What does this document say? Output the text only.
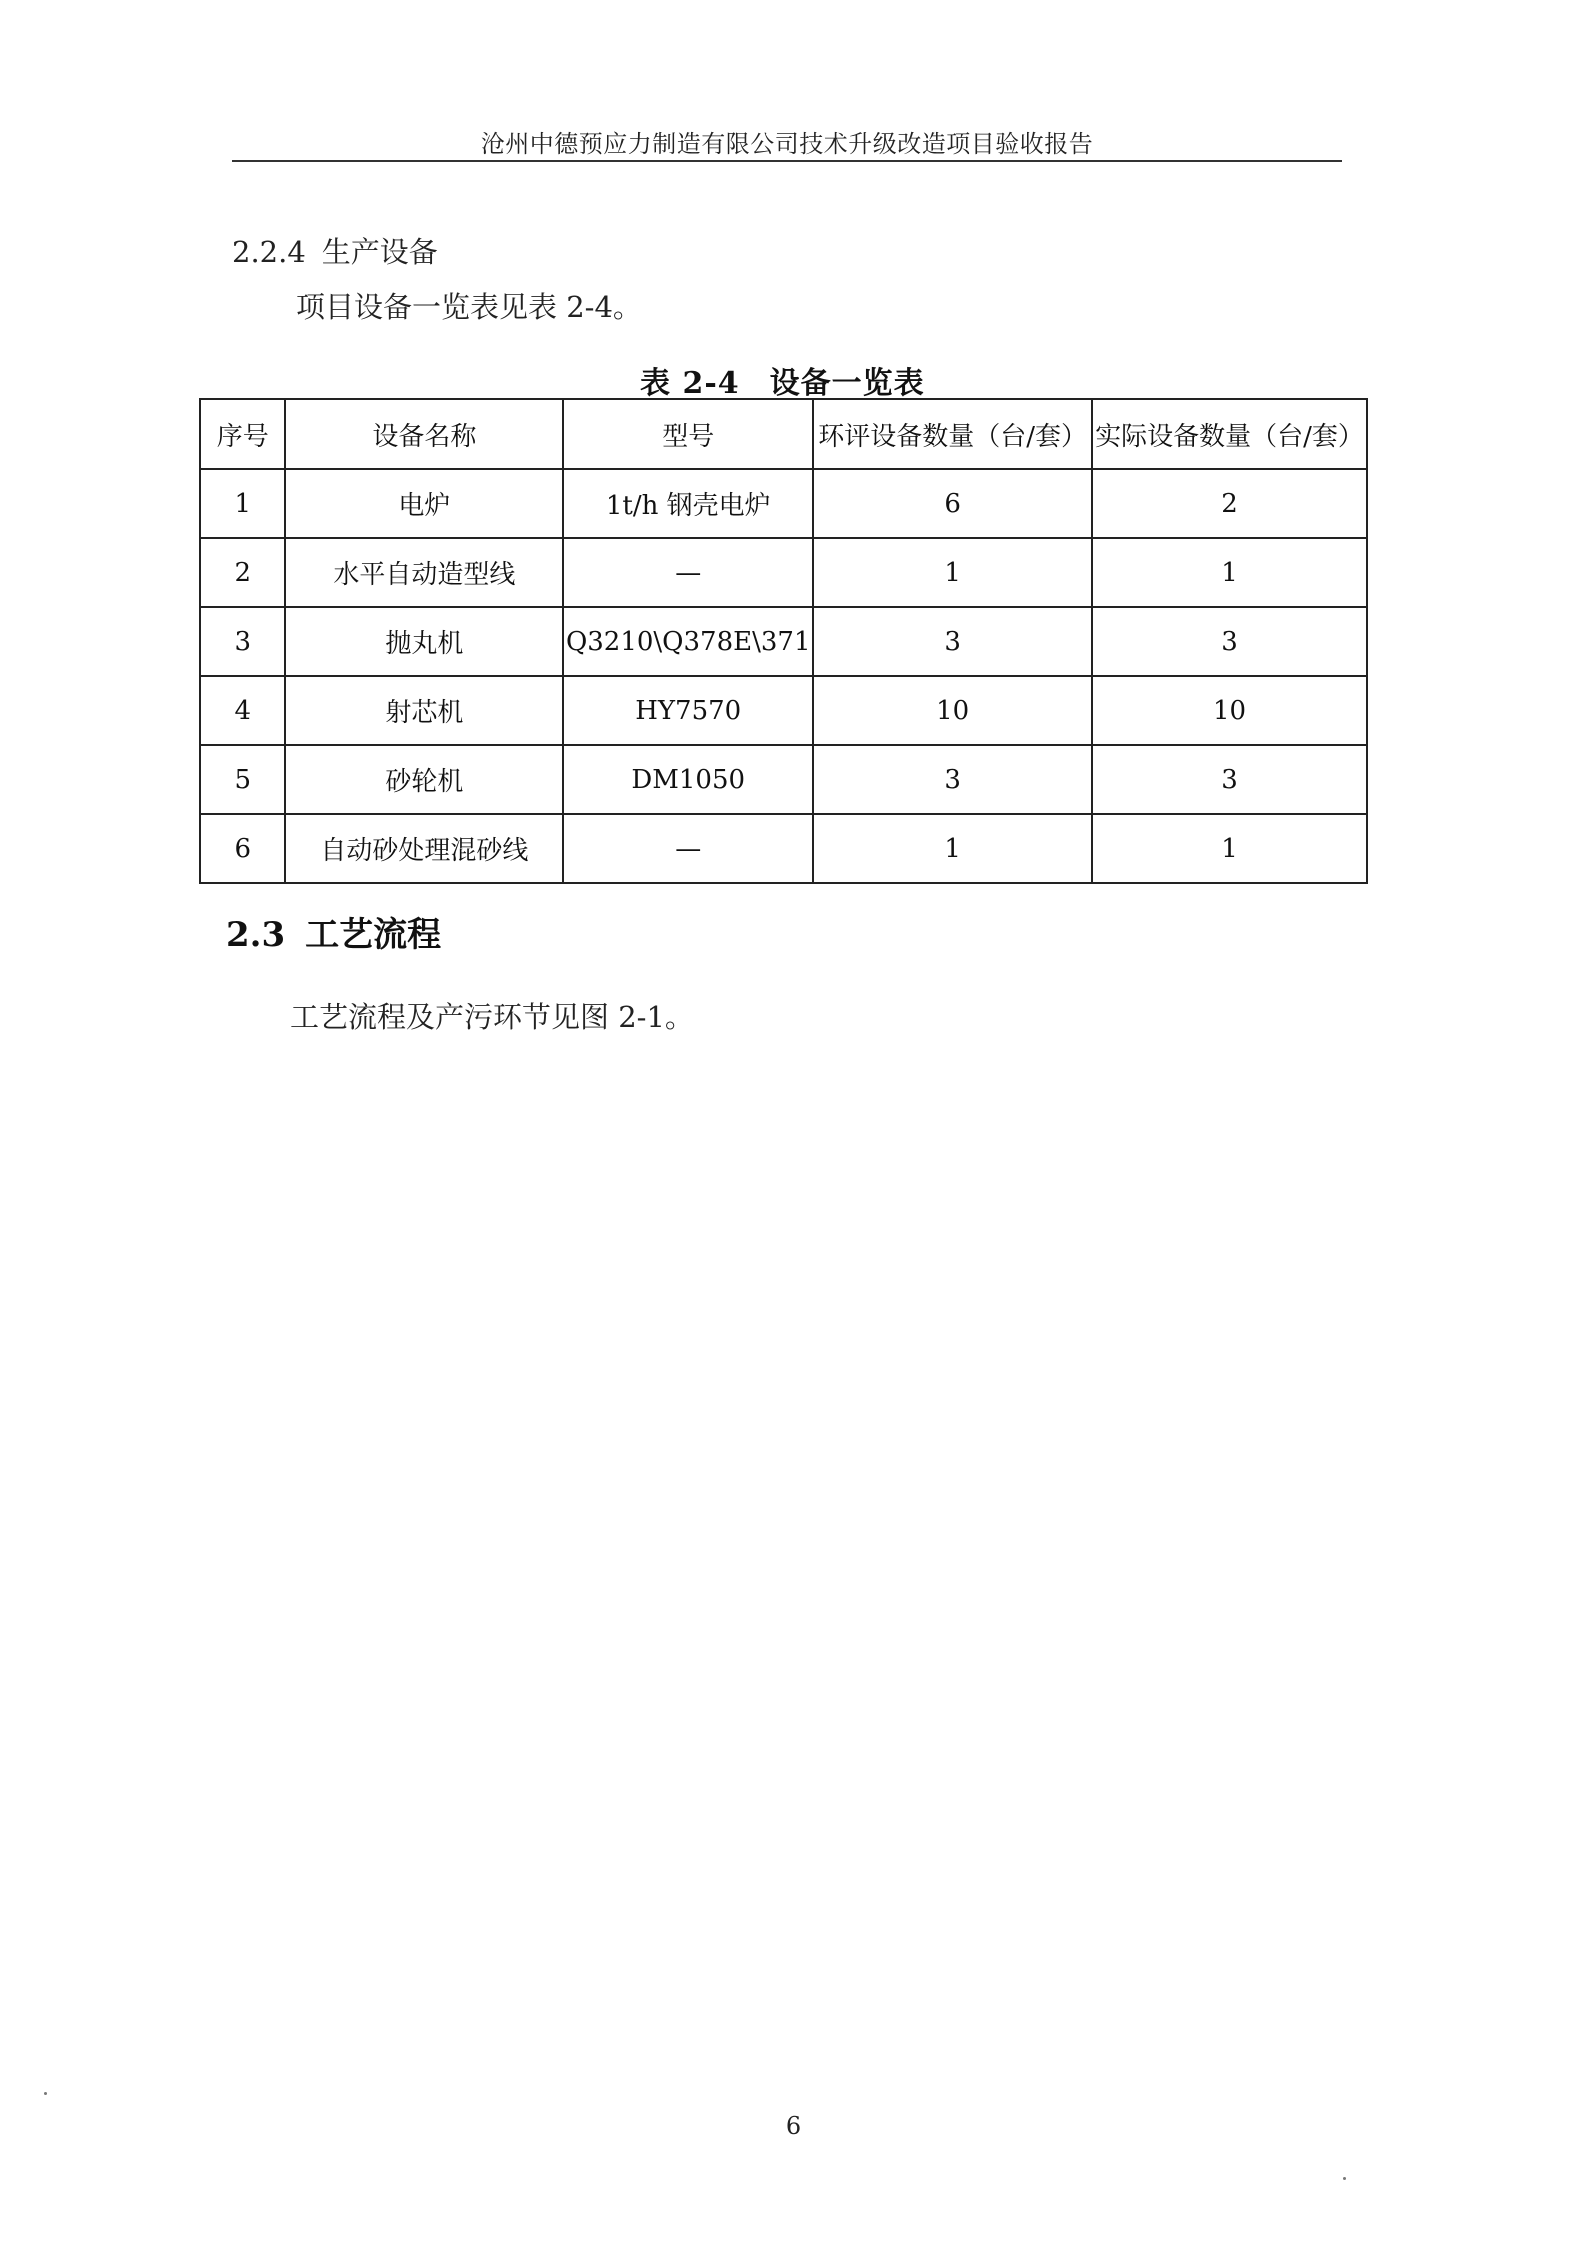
沧州中德预应力制造有限公司技术升级改造项目验收报告
2.2.4 生产设备
项目设备一览表见表 2-4。
表 2-4 设备一览表
序号	设备名称	型号	环评设备数量（台/套）	实际设备数量（台/套）
1	电炉	1t/h 钢壳电炉	6	2
2	水平自动造型线	—	1	1
3	抛丸机	Q3210\Q378E\371	3	3
4	射芯机	HY7570	10	10
5	砂轮机	DM1050	3	3
6	自动砂处理混砂线	—	1	1
2.3 工艺流程
工艺流程及产污环节见图 2-1。
6
